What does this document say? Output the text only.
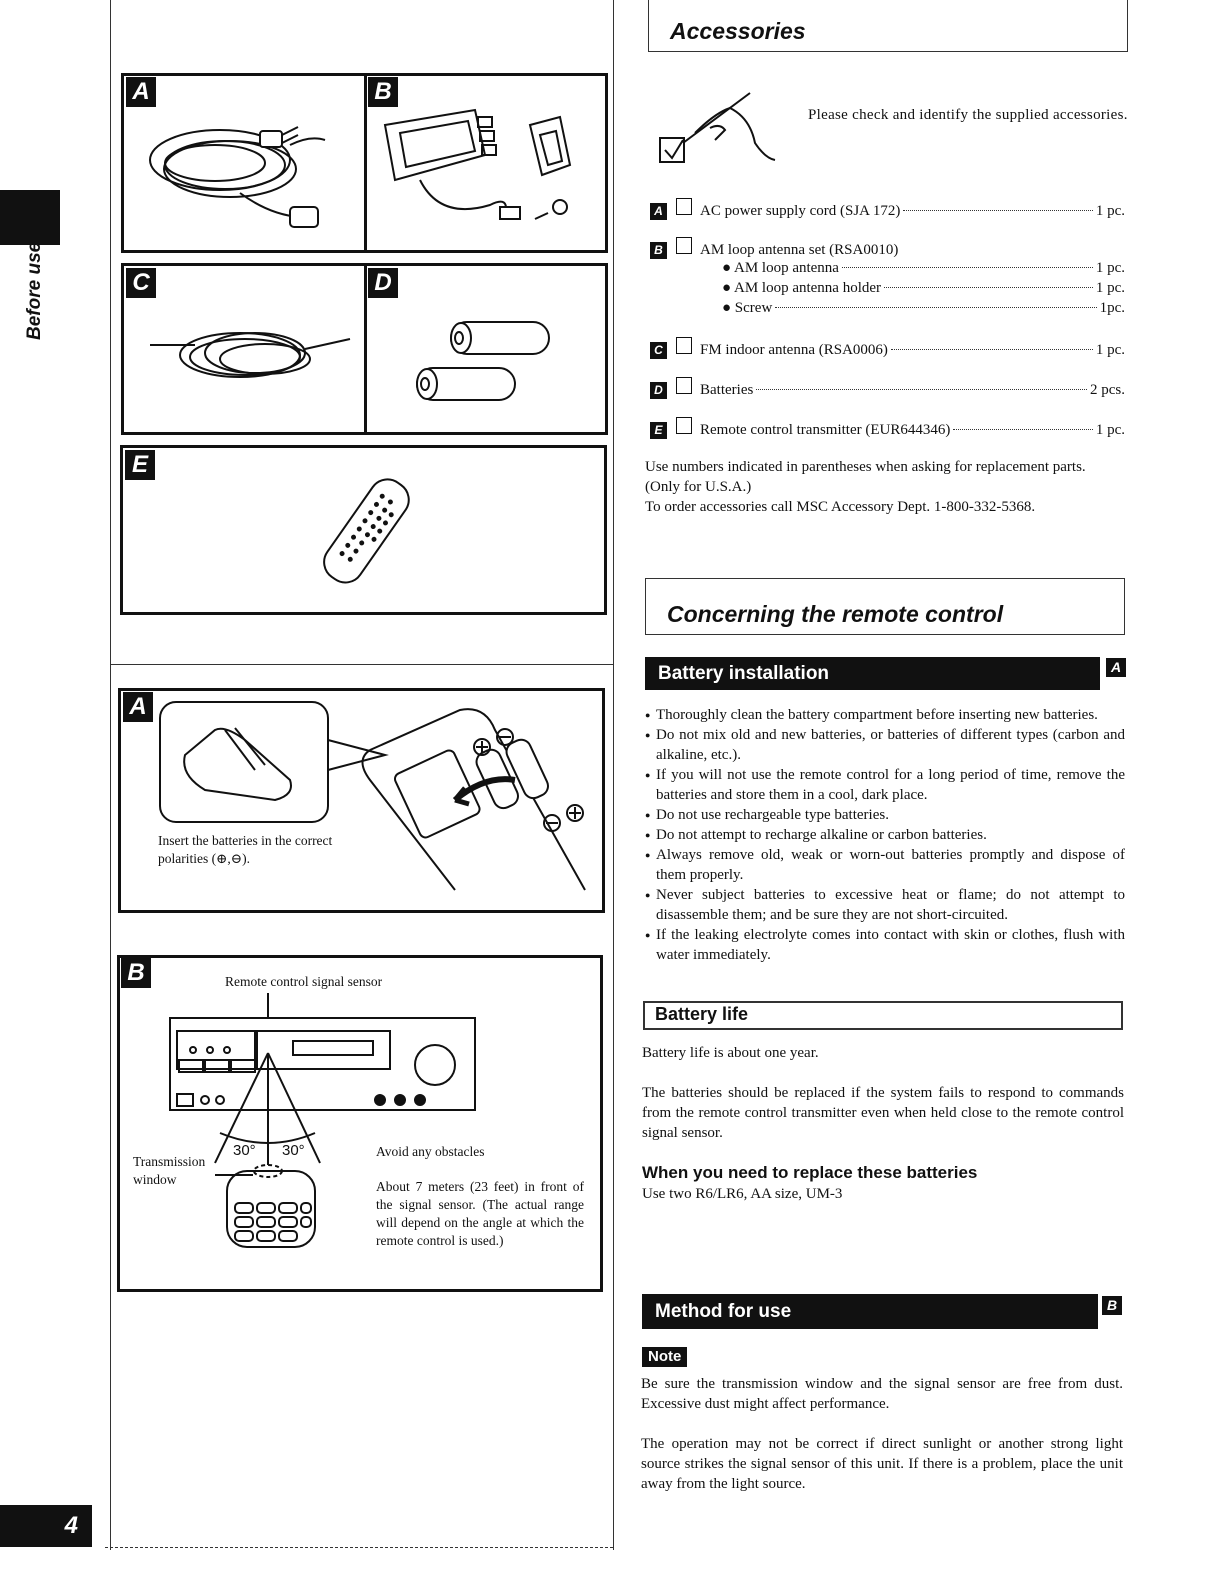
Before use
4
A	B
C	D
E
A
Insert the batteries in the correct polarities (⊕,⊖).
B	Remote control signal sensor
30° 30°
Transmission window
Avoid any obstacles
About 7 meters (23 feet) in front of the signal sensor. (The actual range will depend on the angle at which the remote control is used.)
Accessories
Please check and identify the supplied accessories.
A AC power supply cord (SJA 172)	1 pc.
B AM loop antenna set (RSA0010)
● AM loop antenna	1 pc.
● AM loop antenna holder	1 pc.
● Screw	1pc.
C FM indoor antenna (RSA0006)	1 pc.
D Batteries	2 pcs.
E	Remote control transmitter (EUR644346)	1 pc.
Use numbers indicated in parentheses when asking for replacement parts.
(Only for U.S.A.)
To order accessories call MSC Accessory Dept. 1-800-332-5368.
Concerning the remote control
Battery installation	A
● Thoroughly clean the battery compartment before inserting new batteries.
● Do not mix old and new batteries, or batteries of different types (carbon and alkaline, etc.).
● If you will not use the remote control for a long period of time, remove the batteries and store them in a cool, dark place.
● Do not use rechargeable type batteries.
● Do not attempt to recharge alkaline or carbon batteries.
● Always remove old, weak or worn-out batteries promptly and dispose of them properly.
● Never subject batteries to excessive heat or flame; do not attempt to disassemble them; and be sure they are not short-circuited.
● If the leaking electrolyte comes into contact with skin or clothes, flush with water immediately.
Battery life
Battery life is about one year.
The batteries should be replaced if the system fails to respond to commands from the remote control transmitter even when held close to the remote control signal sensor.
When you need to replace these batteries
Use two R6/LR6, AA size, UM-3
Method for use	B
Note
Be sure the transmission window and the signal sensor are free from dust. Excessive dust might affect performance.
The operation may not be correct if direct sunlight or another strong light source strikes the signal sensor of this unit. If there is a problem, place the unit away from the light source.
